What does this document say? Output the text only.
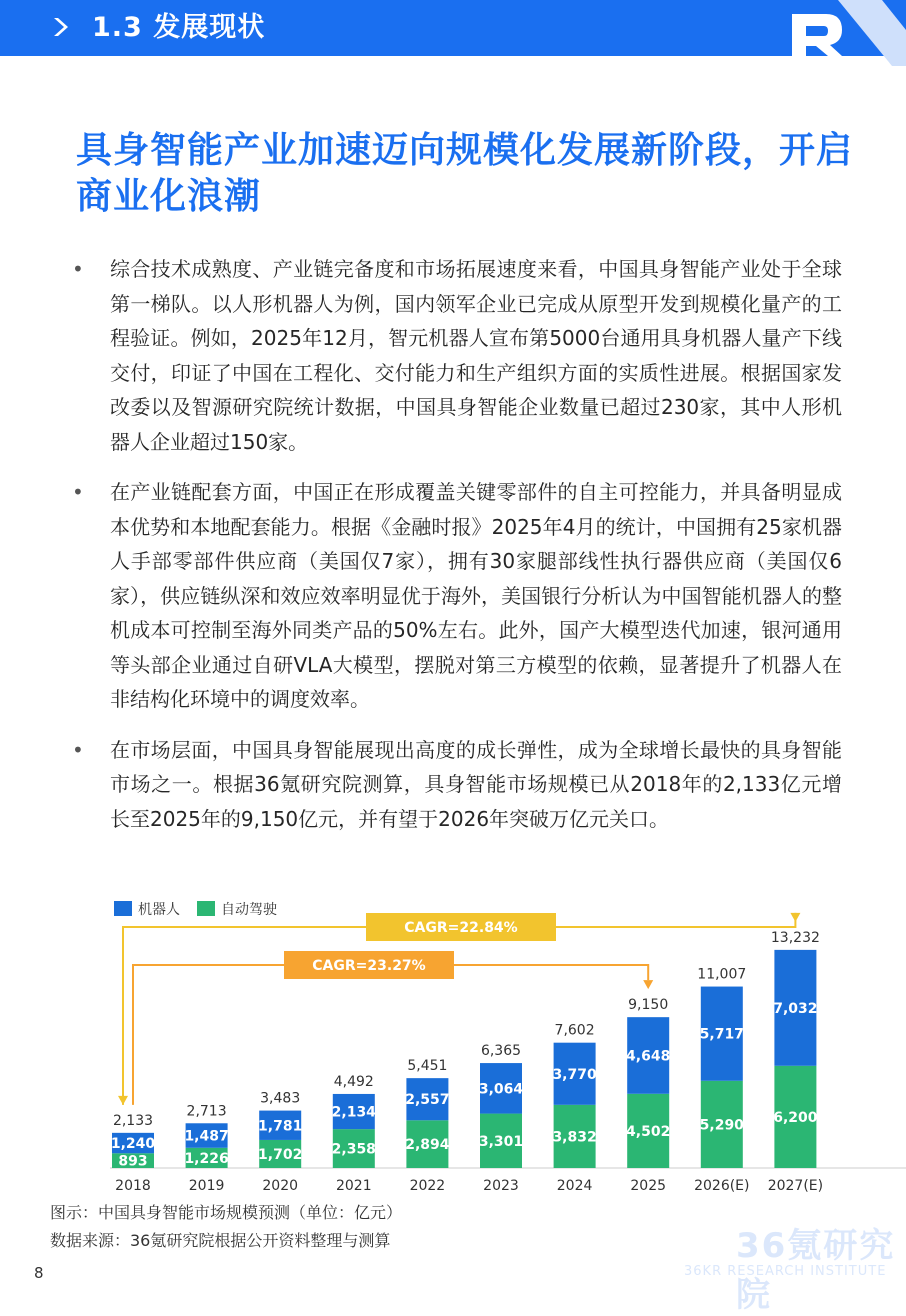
1.3 发展现状
具身智能产业加速迈向规模化发展新阶段，开启商业化浪潮
• 综合技术成熟度、产业链完备度和市场拓展速度来看，中国具身智能产业处于全球第一梯队。以人形机器人为例，国内领军企业已完成从原型开发到规模化量产的工程验证。例如，2025年12月，智元机器人宣布第5000台通用具身机器人量产下线交付，印证了中国在工程化、交付能力和生产组织方面的实质性进展。根据国家发改委以及智源研究院统计数据，中国具身智能企业数量已超过230家，其中人形机器人企业超过150家。
• 在产业链配套方面，中国正在形成覆盖关键零部件的自主可控能力，并具备明显成本优势和本地配套能力。根据《金融时报》2025年4月的统计，中国拥有25家机器人手部零部件供应商（美国仅7家），拥有30家腿部线性执行器供应商（美国仅6家），供应链纵深和效应效率明显优于海外，美国银行分析认为中国智能机器人的整机成本可控制至海外同类产品的50%左右。此外，国产大模型迭代加速，银河通用等头部企业通过自研VLA大模型，摆脱对第三方模型的依赖，显著提升了机器人在非结构化环境中的调度效率。
• 在市场层面，中国具身智能展现出高度的成长弹性，成为全球增长最快的具身智能市场之一。根据36氪研究院测算，具身智能市场规模已从2018年的2,133亿元增长至2025年的9,150亿元，并有望于2026年突破万亿元关口。
893
1,240
2,133
2018
1,226
1,487
2,713
2019
1,702
1,781
3,483
2020
2,358
2,134
4,492
2021
2,894
2,557
5,451
2022
3,301
3,064
6,365
2023
3,832
3,770
7,602
2024
4,502
4,648
9,150
2025
5,290
5,717
11,007
2026(E)
6,200
7,032
13,232
2027(E)
机器人	自动驾驶
CAGR=22.84%
CAGR=23.27%
图示：中国具身智能市场规模预测（单位：亿元）
数据来源：36氪研究院根据公开资料整理与测算
8
36氪研究院
36KR RESEARCH INSTITUTE
